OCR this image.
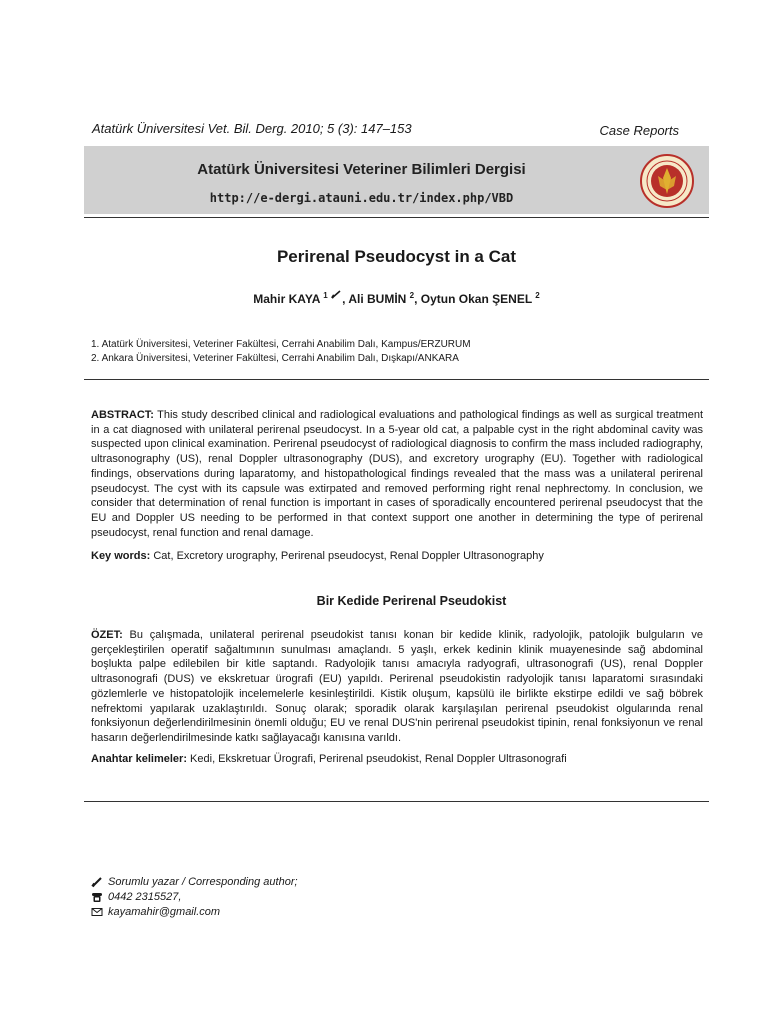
Atatürk Üniversitesi Vet. Bil. Derg. 2010; 5 (3): 147–153	Case Reports
Atatürk Üniversitesi Veteriner Bilimleri Dergisi
http://e-dergi.atauni.edu.tr/index.php/VBD
Perirenal Pseudocyst in a Cat
Mahir KAYA $^1$ , Ali BUMİN $^2$, Oytun Okan ŞENEL $^2$
1. Atatürk Üniversitesi, Veteriner Fakültesi, Cerrahi Anabilim Dalı, Kampus/ERZURUM
2. Ankara Üniversitesi, Veteriner Fakültesi, Cerrahi Anabilim Dalı, Dışkapı/ANKARA
ABSTRACT: This study described clinical and radiological evaluations and pathological findings as well as surgical treatment in a cat diagnosed with unilateral perirenal pseudocyst. In a 5-year old cat, a palpable cyst in the right abdominal cavity was suspected upon clinical examination. Perirenal pseudocyst of radiological diagnosis to confirm the mass included radiography, ultrasonography (US), renal Doppler ultrasonography (DUS), and excretory urography (EU). Together with radiological findings, observations during laparatomy, and histopathological findings revealed that the mass was a unilateral perirenal pseudocyst. The cyst with its capsule was extirpated and removed performing right renal nephrectomy. In conclusion, we consider that determination of renal function is important in cases of sporadically encountered perirenal pseudocyst that the EU and Doppler US needing to be performed in that context support one another in determining the type of perirenal pseudocyst, renal function and renal damage.
Key words: Cat, Excretory urography, Perirenal pseudocyst, Renal Doppler Ultrasonography
Bir Kedide Perirenal Pseudokist
ÖZET: Bu çalışmada, unilateral perirenal pseudokist tanısı konan bir kedide klinik, radyolojik, patolojik bulguların ve gerçekleştirilen operatif sağaltımının sunulması amaçlandı. 5 yaşlı, erkek kedinin klinik muayenesinde sağ abdominal boşlukta palpe edilebilen bir kitle saptandı. Radyolojik tanısı amacıyla radyografi, ultrasonografi (US), renal Doppler ultrasonografi (DUS) ve ekskretuar ürografi (EU) yapıldı. Perirenal pseudokistin radyolojik tanısı laparatomi sırasındaki gözlemlerle ve histopatolojik incelemelerle kesinleştirildi. Kistik oluşum, kapsülü ile birlikte ekstirpe edildi ve sağ böbrek nefrektomi yapılarak uzaklaştırıldı. Sonuç olarak; sporadik olarak karşılaşılan perirenal pseudokist olgularında renal fonksiyonun değerlendirilmesinin önemli olduğu; EU ve renal DUS'nin perirenal pseudokist tipinin, renal fonksiyonun ve renal hasarın değerlendirilmesinde katkı sağlayacağı kanısına varıldı.
Anahtar kelimeler: Kedi, Ekskretuar Ürografi, Perirenal pseudokist, Renal Doppler Ultrasonografi
Sorumlu yazar / Corresponding author;
0442 2315527,
kayamahir@gmail.com
